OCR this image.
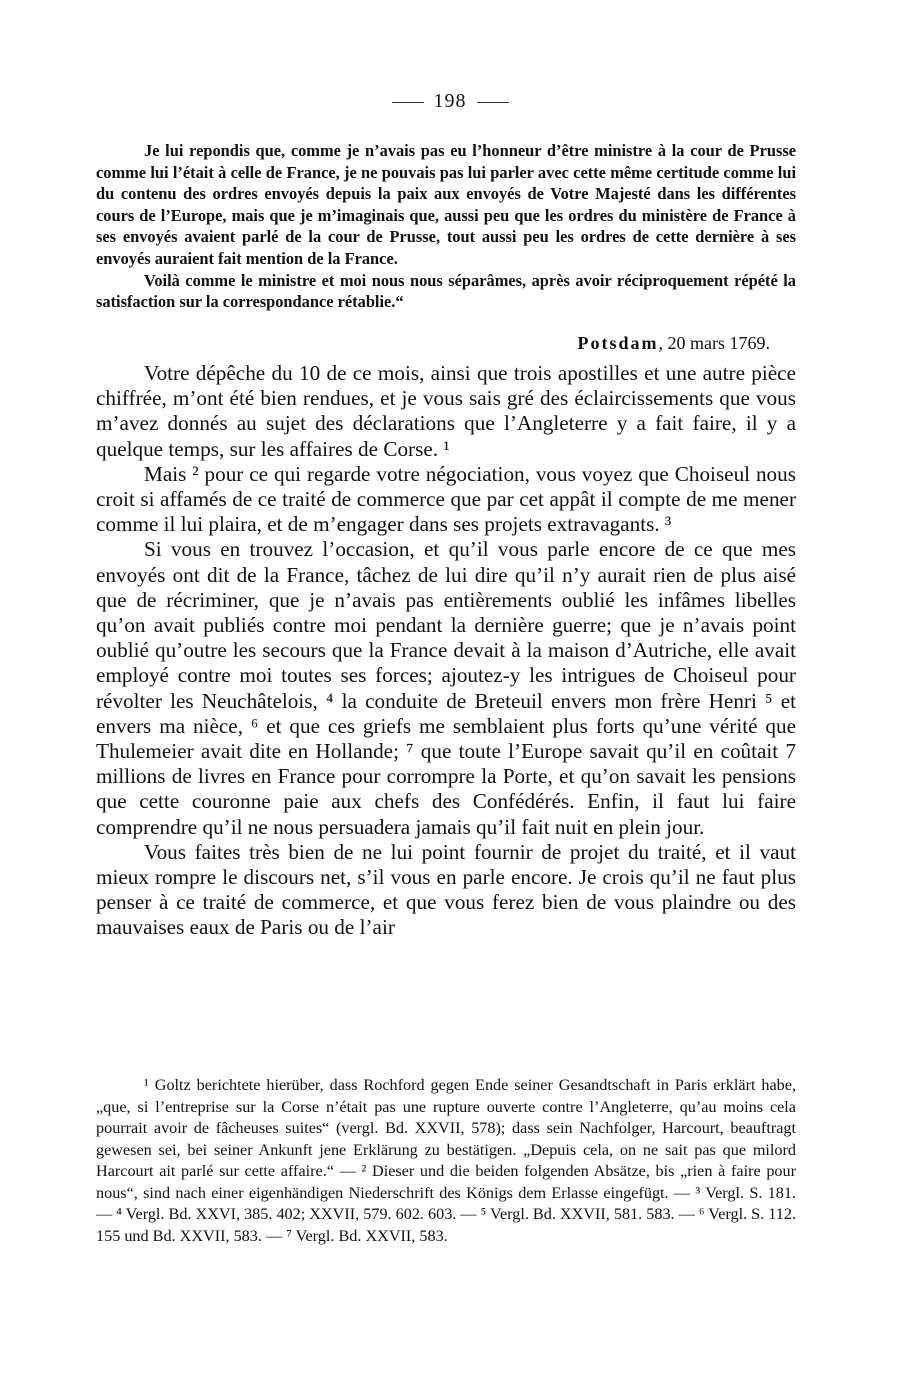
198

Je lui repondis que, comme je n’avais pas eu l’honneur d’être ministre à la cour de Prusse comme lui l’était à celle de France, je ne pouvais pas lui parler avec cette même certitude comme lui du contenu des ordres envoyés depuis la paix aux envoyés de Votre Majesté dans les différentes cours de l’Europe, mais que je m’imaginais que, aussi peu que les ordres du ministère de France à ses envoyés avaient parlé de la cour de Prusse, tout aussi peu les ordres de cette dernière à ses envoyés auraient fait mention de la France.

Voilà comme le ministre et moi nous nous séparâmes, après avoir réciproquement répété la satisfaction sur la correspondance rétablie.“

Potsdam, 20 mars 1769.

Votre dépêche du 10 de ce mois, ainsi que trois apostilles et une autre pièce chiffrée, m’ont été bien rendues, et je vous sais gré des éclaircissements que vous m’avez donnés au sujet des déclarations que l’Angleterre y a fait faire, il y a quelque temps, sur les affaires de Corse. ¹

Mais ² pour ce qui regarde votre négociation, vous voyez que Choiseul nous croit si affamés de ce traité de commerce que par cet appât il compte de me mener comme il lui plaira, et de m’engager dans ses projets extravagants. ³

Si vous en trouvez l’occasion, et qu’il vous parle encore de ce que mes envoyés ont dit de la France, tâchez de lui dire qu’il n’y aurait rien de plus aisé que de récriminer, que je n’avais pas entièrements oublié les infâmes libelles qu’on avait publiés contre moi pendant la dernière guerre; que je n’avais point oublié qu’outre les secours que la France devait à la maison d’Autriche, elle avait employé contre moi toutes ses forces; ajoutez-y les intrigues de Choiseul pour révolter les Neuchâtelois, ⁴ la conduite de Breteuil envers mon frère Henri ⁵ et envers ma nièce, ⁶ et que ces griefs me semblaient plus forts qu’une vérité que Thulemeier avait dite en Hollande; ⁷ que toute l’Europe savait qu’il en coûtait 7 millions de livres en France pour corrompre la Porte, et qu’on savait les pensions que cette couronne paie aux chefs des Confédérés. Enfin, il faut lui faire comprendre qu’il ne nous persuadera jamais qu’il fait nuit en plein jour.

Vous faites très bien de ne lui point fournir de projet du traité, et il vaut mieux rompre le discours net, s’il vous en parle encore. Je crois qu’il ne faut plus penser à ce traité de commerce, et que vous ferez bien de vous plaindre ou des mauvaises eaux de Paris ou de l’air

¹ Goltz berichtete hierüber, dass Rochford gegen Ende seiner Gesandtschaft in Paris erklärt habe, „que, si l’entreprise sur la Corse n’était pas une rupture ouverte contre l’Angleterre, qu’au moins cela pourrait avoir de fâcheuses suites“ (vergl. Bd. XXVII, 578); dass sein Nachfolger, Harcourt, beauftragt gewesen sei, bei seiner Ankunft jene Erklärung zu bestätigen. „Depuis cela, on ne sait pas que milord Harcourt ait parlé sur cette affaire.“ — ² Dieser und die beiden folgenden Absätze, bis „rien à faire pour nous“, sind nach einer eigenhändigen Niederschrift des Königs dem Erlasse eingefügt. — ³ Vergl. S. 181. — ⁴ Vergl. Bd. XXVI, 385. 402; XXVII, 579. 602. 603. — ⁵ Vergl. Bd. XXVII, 581. 583. — ⁶ Vergl. S. 112. 155 und Bd. XXVII, 583. — ⁷ Vergl. Bd. XXVII, 583.
